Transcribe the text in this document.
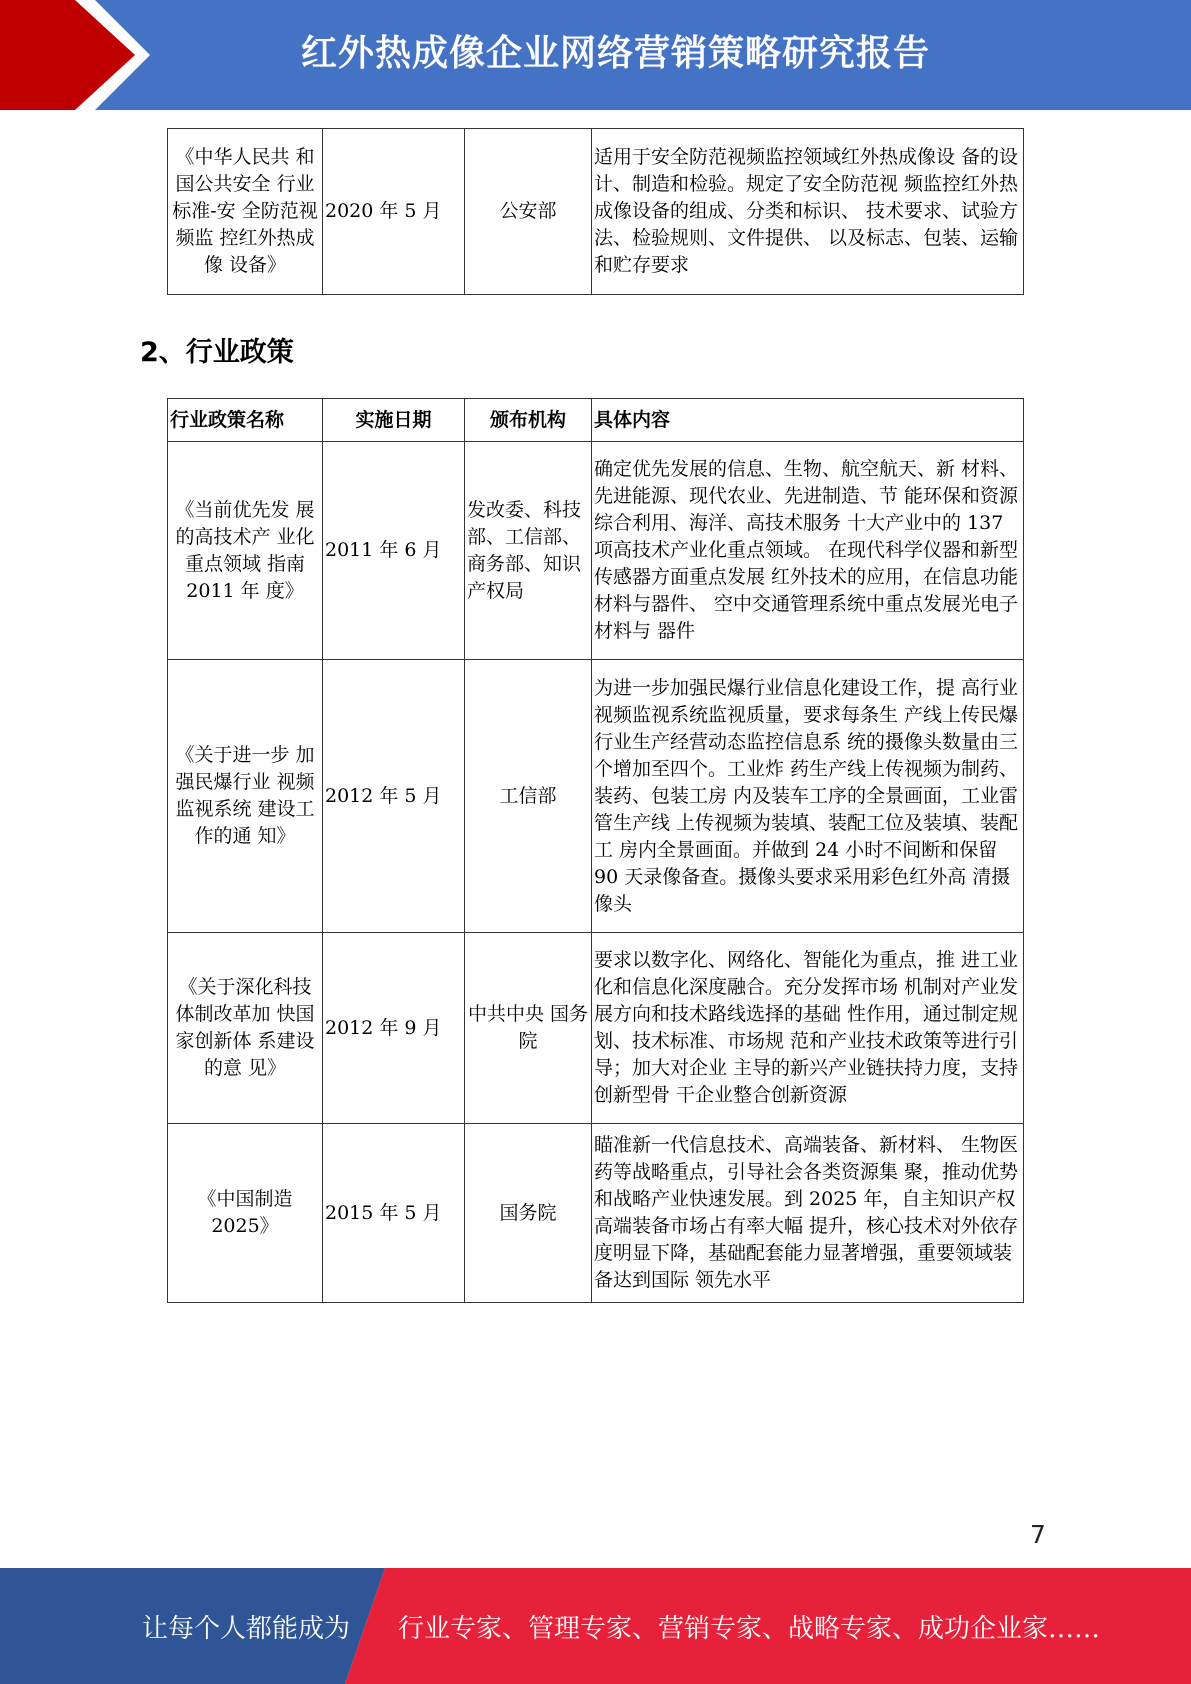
红外热成像企业网络营销策略研究报告
《中华人民共 和国公共安全 行业标准-安 全防范视频监 控红外热成像 设备》	2020 年 5 月	公安部	适用于安全防范视频监控领域红外热成像设 备的设计、制造和检验。规定了安全防范视 频监控红外热成像设备的组成、分类和标识、 技术要求、试验方法、检验规则、文件提供、 以及标志、包装、运输和贮存要求
2、行业政策
行业政策名称	实施日期	颁布机构	具体内容
《当前优先发 展的高技术产 业化重点领域 指南 2011 年 度》	2011 年 6 月	发改委、科技部、工信部、商务部、知识产权局	确定优先发展的信息、生物、航空航天、新 材料、先进能源、现代农业、先进制造、节 能环保和资源综合利用、海洋、高技术服务 十大产业中的 137 项高技术产业化重点领域。 在现代科学仪器和新型传感器方面重点发展 红外技术的应用，在信息功能材料与器件、 空中交通管理系统中重点发展光电子材料与 器件
《关于进一步 加强民爆行业 视频监视系统 建设工作的通 知》	2012 年 5 月	工信部	为进一步加强民爆行业信息化建设工作，提 高行业视频监视系统监视质量，要求每条生 产线上传民爆行业生产经营动态监控信息系 统的摄像头数量由三个增加至四个。工业炸 药生产线上传视频为制药、装药、包装工房 内及装车工序的全景画面，工业雷管生产线 上传视频为装填、装配工位及装填、装配工 房内全景画面。并做到 24 小时不间断和保留 90 天录像备查。摄像头要求采用彩色红外高 清摄像头
《关于深化科技体制改革加 快国家创新体 系建设的意 见》	2012 年 9 月	中共中央 国务院	要求以数字化、网络化、智能化为重点，推 进工业化和信息化深度融合。充分发挥市场 机制对产业发展方向和技术路线选择的基础 性作用，通过制定规划、技术标准、市场规 范和产业技术政策等进行引导；加大对企业 主导的新兴产业链扶持力度，支持创新型骨 干企业整合创新资源
《中国制造 2025》	2015 年 5 月	国务院	瞄准新一代信息技术、高端装备、新材料、 生物医药等战略重点，引导社会各类资源集 聚，推动优势和战略产业快速发展。到 2025 年，自主知识产权高端装备市场占有率大幅 提升，核心技术对外依存度明显下降，基础配套能力显著增强，重要领域装备达到国际 领先水平
7
让每个人都能成为 行业专家、管理专家、营销专家、战略专家、成功企业家……
